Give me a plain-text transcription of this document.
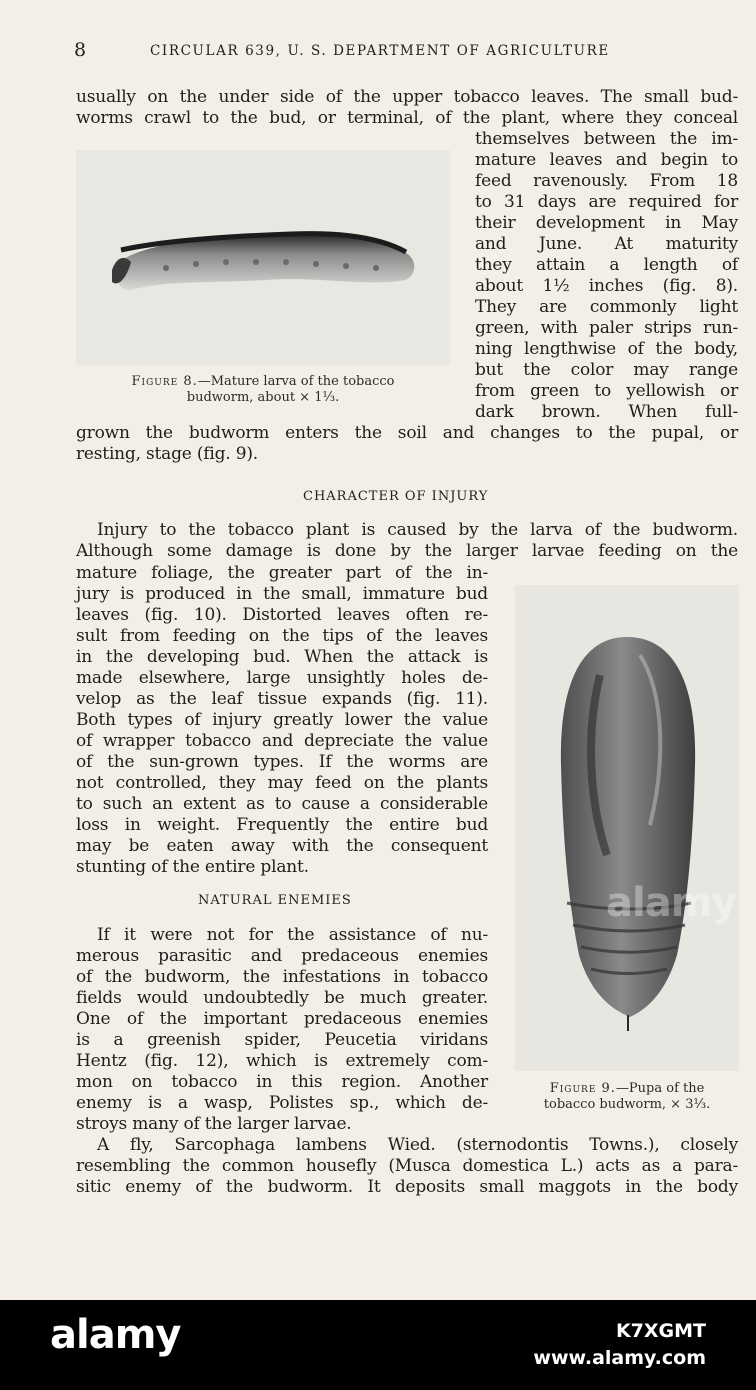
8	CIRCULAR 639, U. S. DEPARTMENT OF AGRICULTURE
usually on the under side of the upper tobacco leaves. The small bud-
worms crawl to the bud, or terminal, of the plant, where they conceal
themselves between the im-
mature leaves and begin to
feed ravenously. From 18
to 31 days are required for
their development in May
and June. At maturity
they attain a length of
about 1½ inches (fig. 8).
They are commonly light
green, with paler strips run-
ning lengthwise of the body,
but the color may range
from green to yellowish or
dark brown. When full-
grown the budworm enters the soil and changes to the pupal, or
resting, stage (fig. 9).
Figure 8.—Mature larva of the tobacco
budworm, about × 1⅓.
CHARACTER OF INJURY
Injury to the tobacco plant is caused by the larva of the budworm.
Although some damage is done by the larger larvae feeding on the
mature foliage, the greater part of the in-
jury is produced in the small, immature bud
leaves (fig. 10). Distorted leaves often re-
sult from feeding on the tips of the leaves
in the developing bud. When the attack is
made elsewhere, large unsightly holes de-
velop as the leaf tissue expands (fig. 11).
Both types of injury greatly lower the value
of wrapper tobacco and depreciate the value
of the sun-grown types. If the worms are
not controlled, they may feed on the plants
to such an extent as to cause a considerable
loss in weight. Frequently the entire bud
may be eaten away with the consequent
stunting of the entire plant.
NATURAL ENEMIES
If it were not for the assistance of nu-
merous parasitic and predaceous enemies
of the budworm, the infestations in tobacco
fields would undoubtedly be much greater.
One of the important predaceous enemies
is a greenish spider, Peucetia viridans
Hentz (fig. 12), which is extremely com-
mon on tobacco in this region. Another
enemy is a wasp, Polistes sp., which de-
stroys many of the larger larvae.
A fly, Sarcophaga lambens Wied. (sternodontis Towns.), closely
resembling the common housefly (Musca domestica L.) acts as a para-
sitic enemy of the budworm. It deposits small maggots in the body
alamy
Figure 9.—Pupa of the
tobacco budworm, × 3⅓.
alamy	K7XGMT
www.alamy.com
